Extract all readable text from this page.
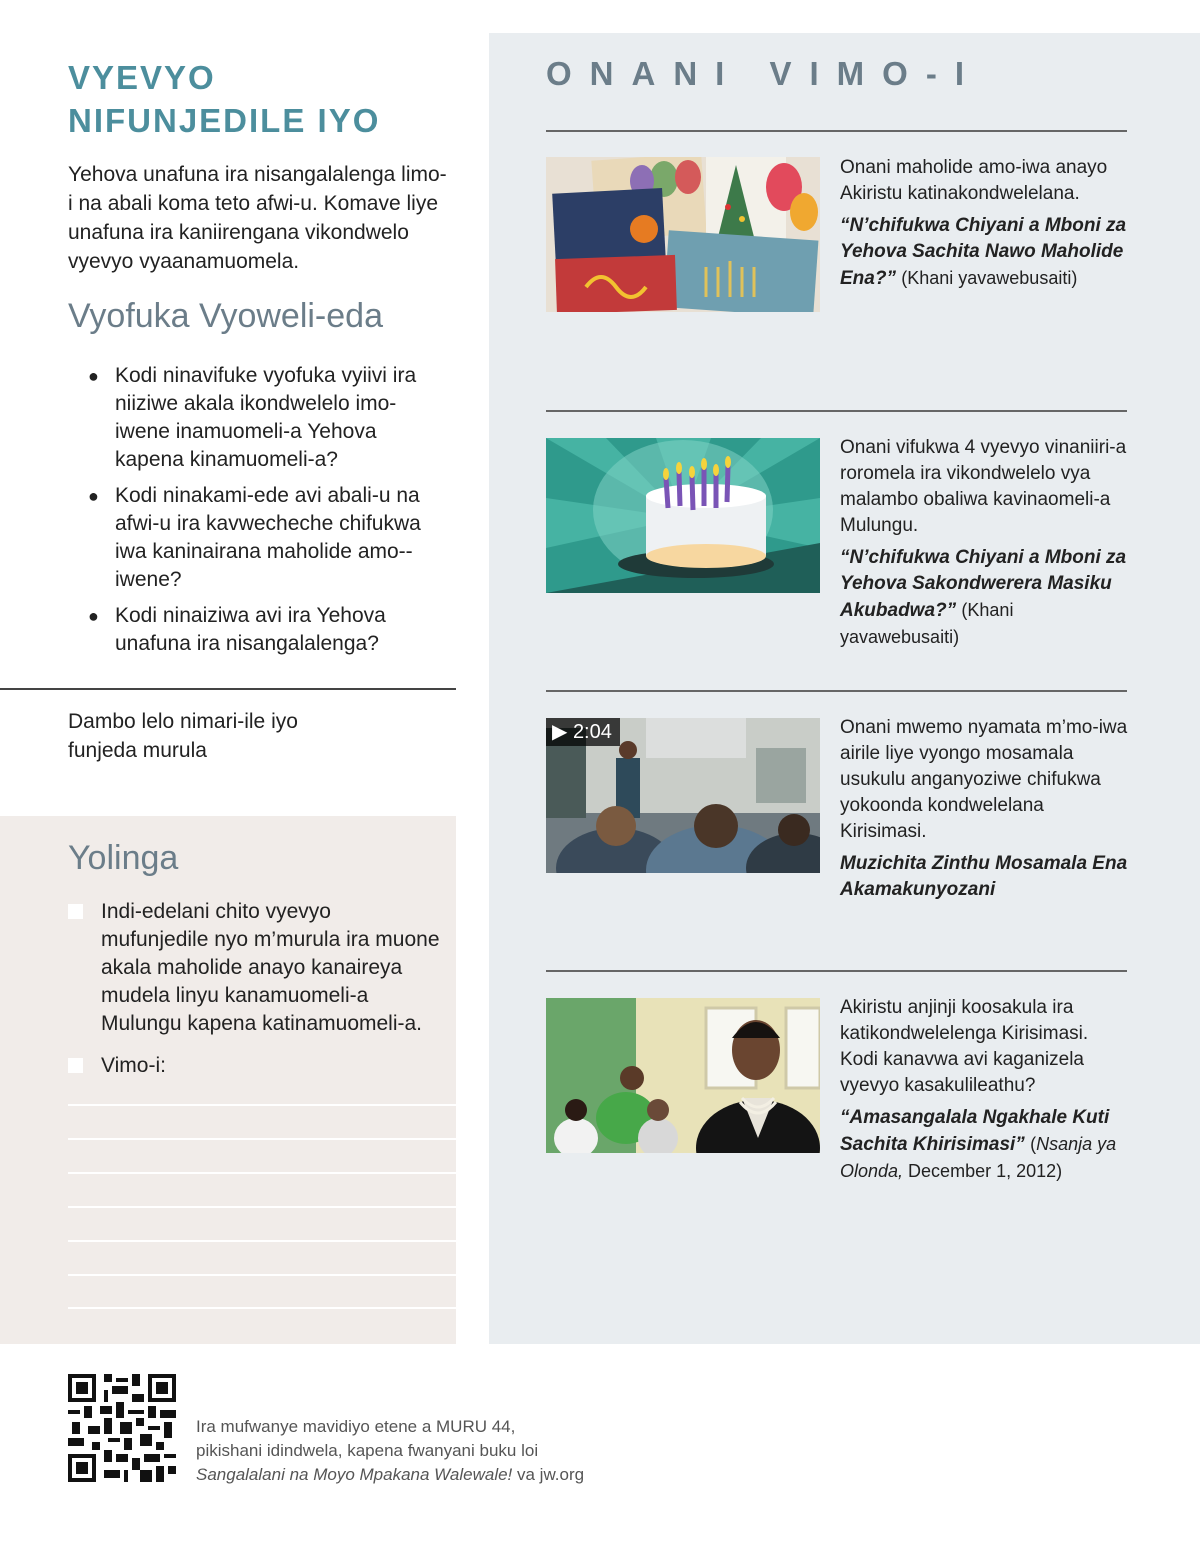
VYEVYO NIFUNJEDILE IYO

Yehova unafuna ira nisangalalenga limo-i na abali koma teto afwi-u. Komave liye unafuna ira kaniirengana vikondwelo vyevyo vyaanamuomela.

Vyofuka Vyoweli-eda
● Kodi ninavifuke vyofuka vyiivi ira niiziwe akala ikondwelelo imo-iwene inamuomeli-a Yehova kapena kinamuomeli-a?
● Kodi ninakami-ede avi abali-u na afwi-u ira kavwecheche chifukwa iwa kaninairana maholide amo--iwene?
● Kodi ninaiziwa avi ira Yehova unafuna ira nisangalalenga?

Dambo lelo nimari-ile iyo funjeda murula

Yolinga
Indi-edelani chito vyevyo mufunjedile nyo m’murula ira muone akala maholide anayo kanaireya mudela linyu kanamuomeli-a Mulungu kapena katinamuomeli-a.
Vimo-i:
ONANI VIMO-I

Onani maholide amo-iwa anayo Akiristu katinakondwelelana.

“N’chifukwa Chiyani a Mboni za Yehova Sachita Nawo Maholide Ena?” (Khani yavawebusaiti)

Onani vifukwa 4 vyevyo vinaniiri-a roromela ira vikondwelelo vya malambo obaliwa kavinaomeli-a Mulungu.

“N’chifukwa Chiyani a Mboni za Yehova Sakondwerera Masiku Akubadwa?” (Khani yavawebusaiti)
▶ 2:04	Onani mwemo nyamata m’mo-iwa airile liye vyongo mosamala usukulu anganyoziwe chifukwa yokoonda kondwelelana Kirisimasi.

Muzichita Zinthu Mosamala Ena Akamakunyozani

Akiristu anjinji koosakula ira katikondwelelenga Kirisimasi. Kodi kanavwa avi kaganizela vyevyo kasakulileathu?

“Amasangalala Ngakhale Kuti Sachita Khirisimasi” (Nsanja ya Olonda, December 1, 2012)

Ira mufwanye mavidiyo etene a MURU 44,
pikishani idindwela, kapena fwanyani buku loi
Sangalalani na Moyo Mpakana Walewale! va jw.org
